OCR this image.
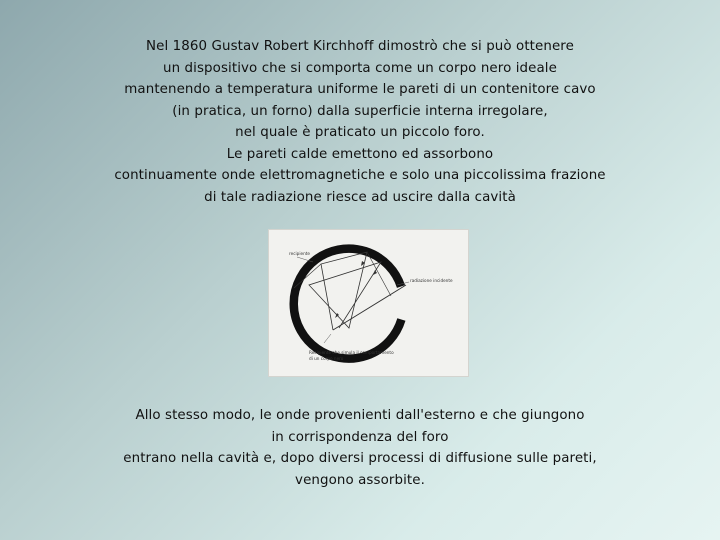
Nel 1860 Gustav Robert Kirchhoff dimostrò che si può ottenere
un dispositivo che si comporta come un corpo nero ideale
mantenendo a temperatura uniforme le pareti di un contenitore cavo
(in pratica, un forno) dalla superficie interna irregolare,
nel quale è praticato un piccolo foro.
Le pareti calde emettono ed assorbono
continuamente onde elettromagnetiche e solo una piccolissima frazione
di tale radiazione riesce ad uscire dalla cavità
recipiente
radiazione incidente
Recipiente che simula il comportamento
di un corpo nero
Allo stesso modo, le onde provenienti dall'esterno e che giungono
in corrispondenza del foro
entrano nella cavità e, dopo diversi processi di diffusione sulle pareti,
vengono assorbite.
